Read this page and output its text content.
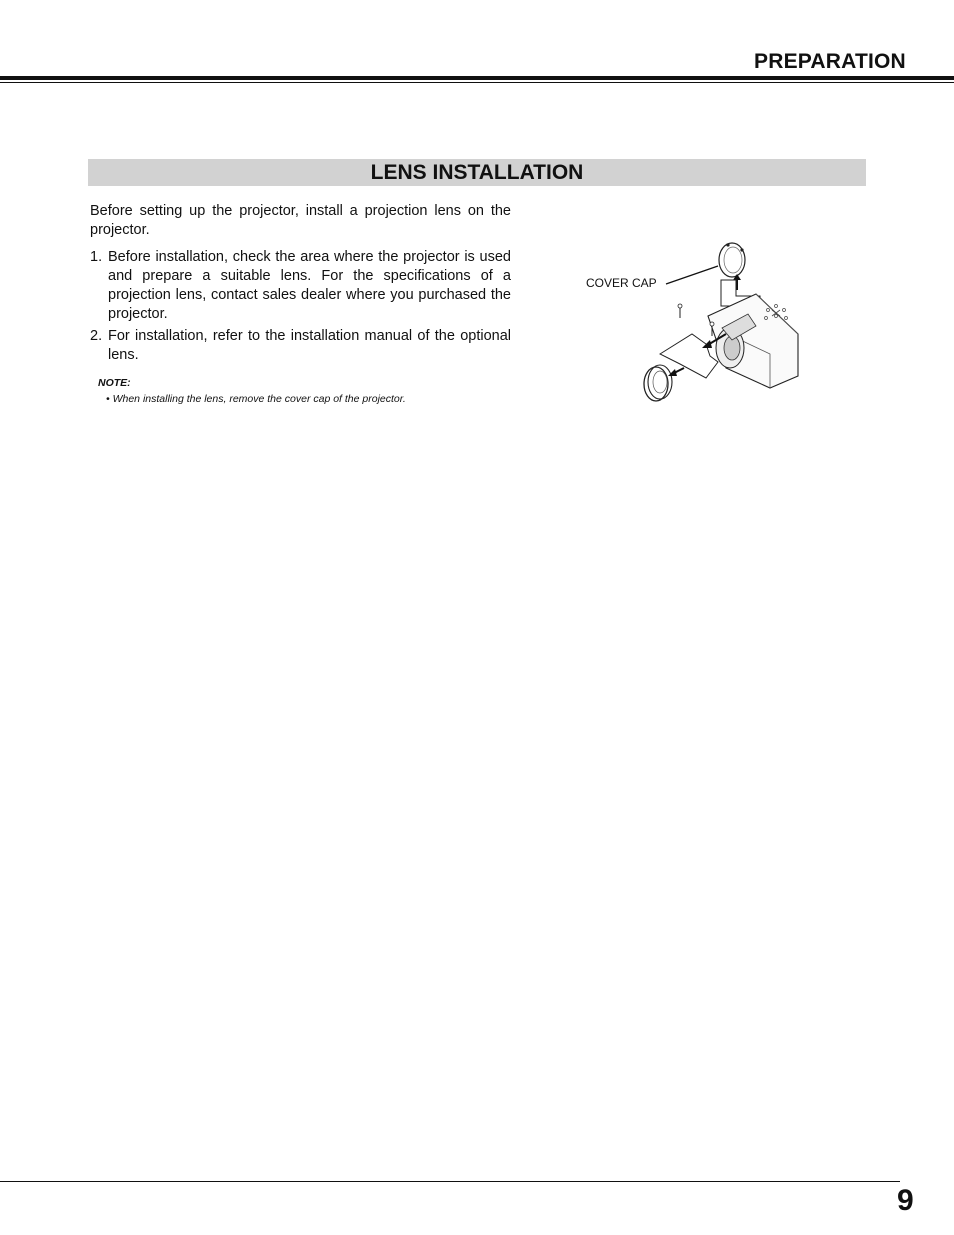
PREPARATION
LENS INSTALLATION
Before setting up the projector, install a projection lens on the projector.
1. Before installation, check the area where the projector is used and prepare a suitable lens. For the specifications of a projection lens, contact sales dealer where you purchased the projector.
2. For installation, refer to the installation manual of the optional lens.
NOTE:
• When installing the lens, remove the cover cap of the projector.
COVER CAP
9
